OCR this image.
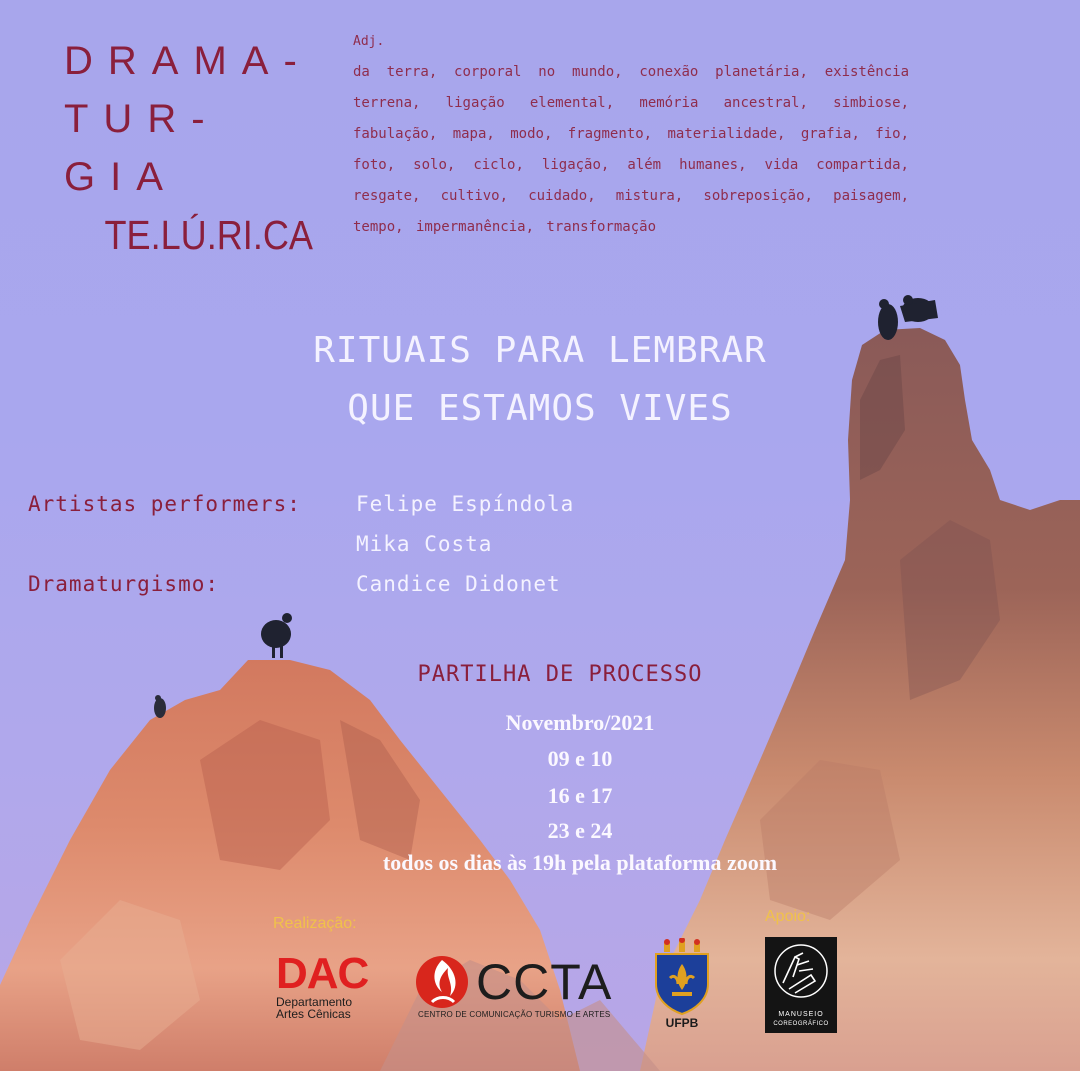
DRAMA-
TUR-
GIA
TE.LÚ.RI.CA
Adj.
da terra, corporal no mundo, conexão planetária, existência terrena, ligação elemental, memória ancestral, simbiose, fabulação, mapa, modo, fragmento, materialidade, grafia, fio, foto, solo, ciclo, ligação, além humanes, vida compartida, resgate, cultivo, cuidado, mistura, sobreposição, paisagem, tempo, impermanência, transformação
RITUAIS PARA LEMBRAR
QUE ESTAMOS VIVES
Artistas performers:	Felipe Espíndola
Mika Costa
Dramaturgismo:	Candice Didonet
PARTILHA DE PROCESSO
Novembro/2021
09 e 10
16 e 17
23 e 24
todos os dias às 19h pela plataforma zoom
Realização:	Apoio:
DAC
Departamento
Artes Cênicas
CCTA
CENTRO DE COMUNICAÇÃO TURISMO E ARTES
UFPB
MANUSEIO
COREOGRÁFICO
